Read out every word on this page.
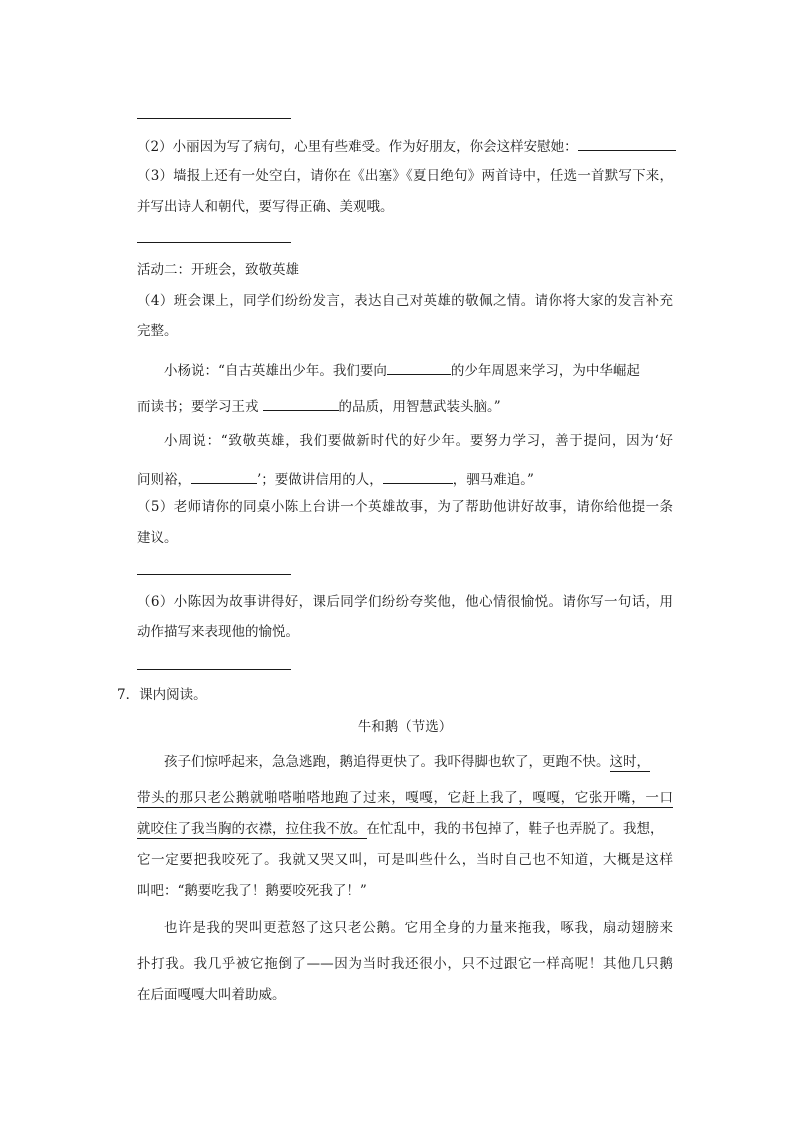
（2）小丽因为写了病句，心里有些难受。作为好朋友，你会这样安慰她：
（3）墙报上还有一处空白，请你在《出塞》《夏日绝句》两首诗中，任选一首默写下来，
并写出诗人和朝代，要写得正确、美观哦。
活动二：开班会，致敬英雄
（4）班会课上，同学们纷纷发言，表达自己对英雄的敬佩之情。请你将大家的发言补充
完整。
小杨说：“自古英雄出少年。我们要向	的少年周恩来学习，为中华崛起
而读书；要学习王戎	的品质，用智慧武装头脑。”
小周说：“致敬英雄，我们要做新时代的好少年。要努力学习，善于提问，因为‘好
问则裕，	’；要做讲信用的人，	，驷马难追。”
（5）老师请你的同桌小陈上台讲一个英雄故事，为了帮助他讲好故事，请你给他提一条
建议。
（6）小陈因为故事讲得好，课后同学们纷纷夸奖他，他心情很愉悦。请你写一句话，用
动作描写来表现他的愉悦。
7．课内阅读。
牛和鹅（节选）
孩子们惊呼起来，急急逃跑，鹅追得更快了。我吓得脚也软了，更跑不快。这时，
带头的那只老公鹅就啪嗒啪嗒地跑了过来，嘎嘎，它赶上我了，嘎嘎，它张开嘴，一口
就咬住了我当胸的衣襟，拉住我不放。在忙乱中，我的书包掉了，鞋子也弄脱了。我想，
它一定要把我咬死了。我就又哭又叫，可是叫些什么，当时自己也不知道，大概是这样
叫吧：“鹅要吃我了！鹅要咬死我了！”
也许是我的哭叫更惹怒了这只老公鹅。它用全身的力量来拖我，啄我，扇动翅膀来
扑打我。我几乎被它拖倒了——因为当时我还很小，只不过跟它一样高呢！其他几只鹅
在后面嘎嘎大叫着助威。
